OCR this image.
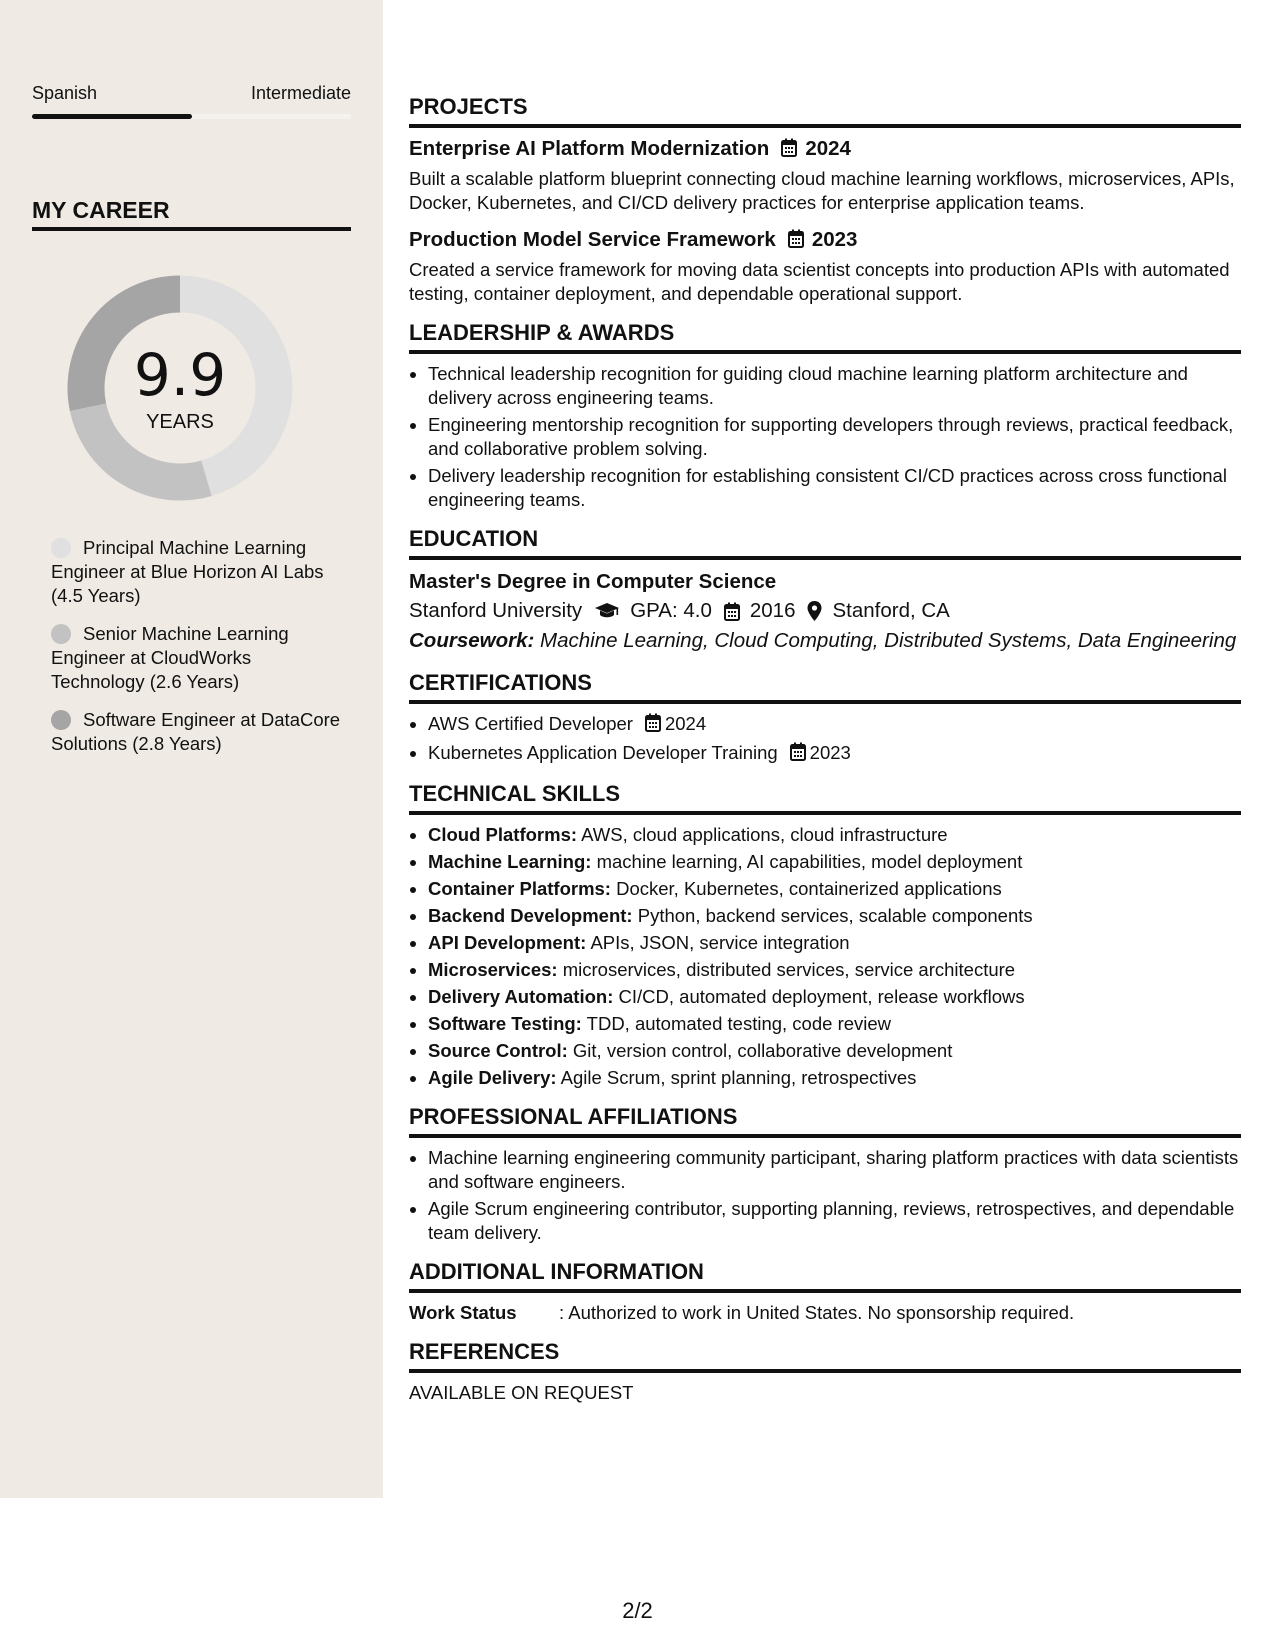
Spanish	Intermediate
MY CAREER
9.9
YEARS
Principal Machine Learning Engineer at Blue Horizon AI Labs (4.5 Years)
Senior Machine Learning Engineer at CloudWorks Technology (2.6 Years)
Software Engineer at DataCore Solutions (2.8 Years)
PROJECTS
Enterprise AI Platform Modernization 2024
Built a scalable platform blueprint connecting cloud machine learning workflows, microservices, APIs, Docker, Kubernetes, and CI/CD delivery practices for enterprise application teams.
Production Model Service Framework 2023
Created a service framework for moving data scientist concepts into production APIs with automated testing, container deployment, and dependable operational support.
LEADERSHIP & AWARDS
• Technical leadership recognition for guiding cloud machine learning platform architecture and delivery across engineering teams.
• Engineering mentorship recognition for supporting developers through reviews, practical feedback, and collaborative problem solving.
• Delivery leadership recognition for establishing consistent CI/CD practices across cross functional engineering teams.
EDUCATION
Master's Degree in Computer Science
Stanford University GPA: 4.0 2016 Stanford, CA
Coursework: Machine Learning, Cloud Computing, Distributed Systems, Data Engineering
CERTIFICATIONS
• AWS Certified Developer 2024
• Kubernetes Application Developer Training 2023
TECHNICAL SKILLS
• Cloud Platforms: AWS, cloud applications, cloud infrastructure
• Machine Learning: machine learning, AI capabilities, model deployment
• Container Platforms: Docker, Kubernetes, containerized applications
• Backend Development: Python, backend services, scalable components
• API Development: APIs, JSON, service integration
• Microservices: microservices, distributed services, service architecture
• Delivery Automation: CI/CD, automated deployment, release workflows
• Software Testing: TDD, automated testing, code review
• Source Control: Git, version control, collaborative development
• Agile Delivery: Agile Scrum, sprint planning, retrospectives
PROFESSIONAL AFFILIATIONS
• Machine learning engineering community participant, sharing platform practices with data scientists and software engineers.
• Agile Scrum engineering contributor, supporting planning, reviews, retrospectives, and dependable team delivery.
ADDITIONAL INFORMATION
Work Status	: Authorized to work in United States. No sponsorship required.
REFERENCES
AVAILABLE ON REQUEST
2/2
